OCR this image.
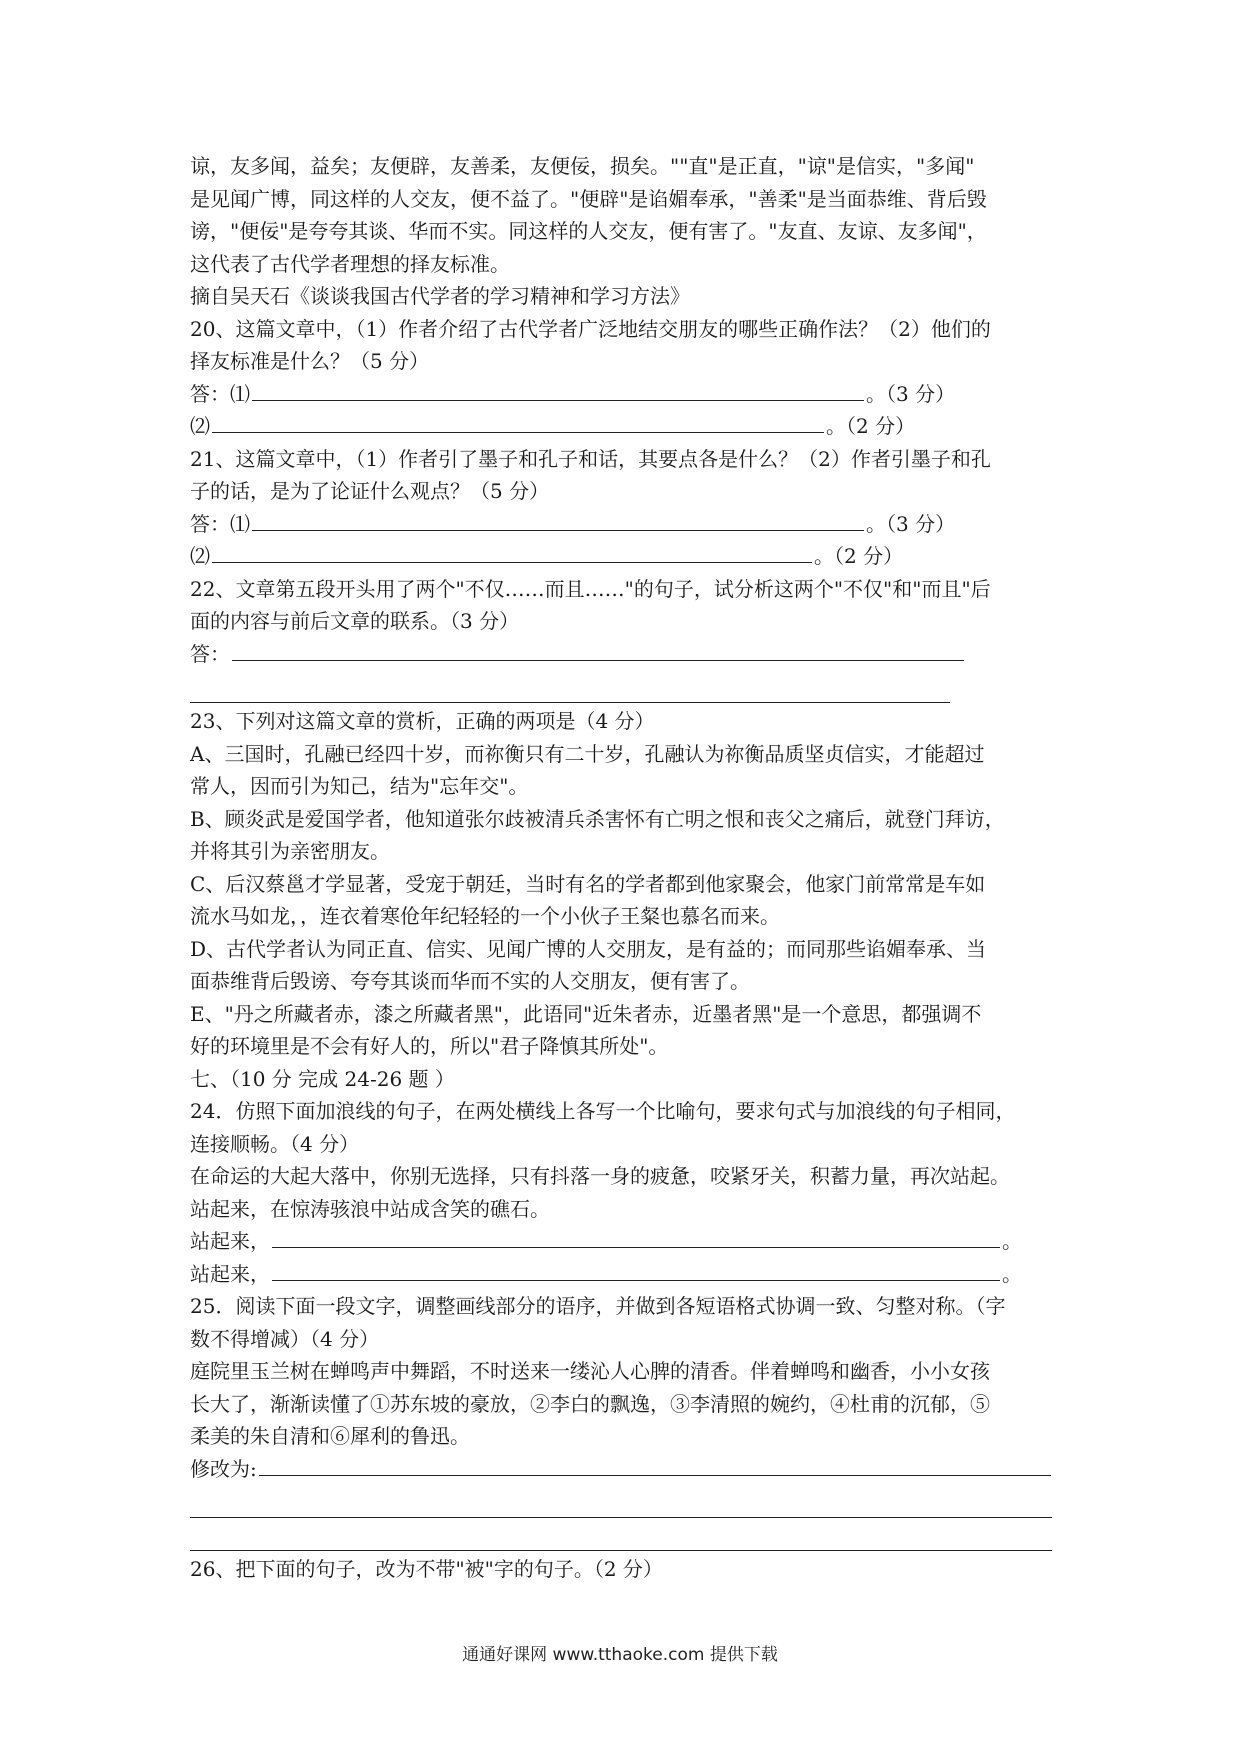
谅，友多闻，益矣；友便辟，友善柔，友便佞，损矣。""直"是正直，"谅"是信实，"多闻"
是见闻广博，同这样的人交友，便不益了。"便辟"是谄媚奉承，"善柔"是当面恭维、背后毁
谤，"便佞"是夸夸其谈、华而不实。同这样的人交友，便有害了。"友直、友谅、友多闻"，
这代表了古代学者理想的择友标准。
摘自吴天石《谈谈我国古代学者的学习精神和学习方法》
20、这篇文章中，（1）作者介绍了古代学者广泛地结交朋友的哪些正确作法？（2）他们的
择友标准是什么？（5 分）
答：⑴	。（3 分）
⑵	。（2 分）
21、这篇文章中，（1）作者引了墨子和孔子和话，其要点各是什么？（2）作者引墨子和孔
子的话，是为了论证什么观点？（5 分）
答：⑴	。（3 分）
⑵	。（2 分）
22、文章第五段开头用了两个"不仅……而且……"的句子，试分析这两个"不仅"和"而且"后
面的内容与前后文章的联系。（3 分）
答：
23、下列对这篇文章的赏析，正确的两项是（4 分）
A、三国时，孔融已经四十岁，而祢衡只有二十岁，孔融认为祢衡品质坚贞信实，才能超过
常人，因而引为知己，结为"忘年交"。
B、顾炎武是爱国学者，他知道张尔歧被清兵杀害怀有亡明之恨和丧父之痛后，就登门拜访，
并将其引为亲密朋友。
C、后汉蔡邕才学显著，受宠于朝廷，当时有名的学者都到他家聚会，他家门前常常是车如
流水马如龙，，连衣着寒伧年纪轻轻的一个小伙子王粲也慕名而来。
D、古代学者认为同正直、信实、见闻广博的人交朋友，是有益的；而同那些谄媚奉承、当
面恭维背后毁谤、夸夸其谈而华而不实的人交朋友，便有害了。
E、"丹之所藏者赤，漆之所藏者黑"，此语同"近朱者赤，近墨者黑"是一个意思，都强调不
好的环境里是不会有好人的，所以"君子降慎其所处"。
七、（10 分 完成 24-26 题 ）
24．仿照下面加浪线的句子，在两处横线上各写一个比喻句，要求句式与加浪线的句子相同，
连接顺畅。（4 分）
在命运的大起大落中，你别无选择，只有抖落一身的疲惫，咬紧牙关，积蓄力量，再次站起。
站起来，在惊涛骇浪中站成含笑的礁石。
站起来，	。
站起来，	。
25．阅读下面一段文字，调整画线部分的语序，并做到各短语格式协调一致、匀整对称。（字
数不得增减）（4 分）
庭院里玉兰树在蝉鸣声中舞蹈，不时送来一缕沁人心脾的清香。伴着蝉鸣和幽香，小小女孩
长大了，渐渐读懂了①苏东坡的豪放，②李白的飘逸，③李清照的婉约，④杜甫的沉郁，⑤
柔美的朱自清和⑥犀利的鲁迅。
修改为:
26、把下面的句子，改为不带"被"字的句子。（2 分）
通通好课网 www.tthaoke.com 提供下载
